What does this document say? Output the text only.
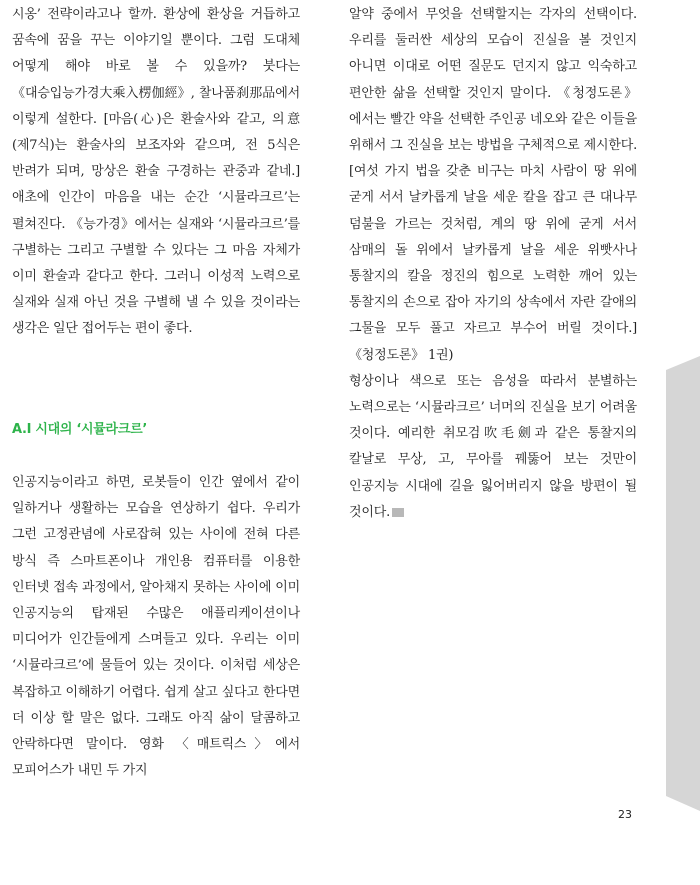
시옹’ 전략이라고나 할까. 환상에 환상을 거듭하고 꿈속에 꿈을 꾸는 이야기일 뿐이다. 그럼 도대체 어떻게 해야 바로 볼 수 있을까? 붓다는 《대승입능가경大乘入楞伽經》, 찰나품刹那品에서 이렇게 설한다. [마음(心)은 환술사와 같고, 의意(제7식)는 환술사의 보조자와 같으며, 전 5식은 반려가 되며, 망상은 환술 구경하는 관중과 같네.] 애초에 인간이 마음을 내는 순간 ‘시뮬라크르’는 펼쳐진다. 《능가경》에서는 실재와 ‘시뮬라크르’를 구별하는 그리고 구별할 수 있다는 그 마음 자체가 이미 환술과 같다고 한다. 그러니 이성적 노력으로 실재와 실재 아닌 것을 구별해 낼 수 있을 것이라는 생각은 일단 접어두는 편이 좋다.

A.I 시대의 ‘시뮬라크르’

인공지능이라고 하면, 로봇들이 인간 옆에서 같이 일하거나 생활하는 모습을 연상하기 쉽다. 우리가 그런 고정관념에 사로잡혀 있는 사이에 전혀 다른 방식 즉 스마트폰이나 개인용 컴퓨터를 이용한 인터넷 접속 과정에서, 알아채지 못하는 사이에 이미 인공지능의 탑재된 수많은 애플리케이션이나 미디어가 인간들에게 스며들고 있다. 우리는 이미 ‘시뮬라크르’에 물들어 있는 것이다. 이처럼 세상은 복잡하고 이해하기 어렵다. 쉽게 살고 싶다고 한다면 더 이상 할 말은 없다. 그래도 아직 삶이 달콤하고 안락하다면 말이다. 영화 〈매트릭스〉에서 모피어스가 내민 두 가지

알약 중에서 무엇을 선택할지는 각자의 선택이다. 우리를 둘러싼 세상의 모습이 진실을 볼 것인지 아니면 이대로 어떤 질문도 던지지 않고 익숙하고 편안한 삶을 선택할 것인지 말이다. 《청정도론》에서는 빨간 약을 선택한 주인공 네오와 같은 이들을 위해서 그 진실을 보는 방법을 구체적으로 제시한다. [여섯 가지 법을 갖춘 비구는 마치 사람이 땅 위에 굳게 서서 날카롭게 날을 세운 칼을 잡고 큰 대나무 덤불을 가르는 것처럼, 계의 땅 위에 굳게 서서 삼매의 돌 위에서 날카롭게 날을 세운 위빳사나 통찰지의 칼을 정진의 힘으로 노력한 깨어 있는 통찰지의 손으로 잡아 자기의 상속에서 자란 갈애의 그물을 모두 풀고 자르고 부수어 버릴 것이다.] 《청정도론》 1권)

형상이나 색으로 또는 음성을 따라서 분별하는 노력으로는 ‘시뮬라크르’ 너머의 진실을 보기 어려울 것이다. 예리한 취모검吹毛劍과 같은 통찰지의 칼날로 무상, 고, 무아를 꿰뚫어 보는 것만이 인공지능 시대에 길을 잃어버리지 않을 방편이 될 것이다.

23
